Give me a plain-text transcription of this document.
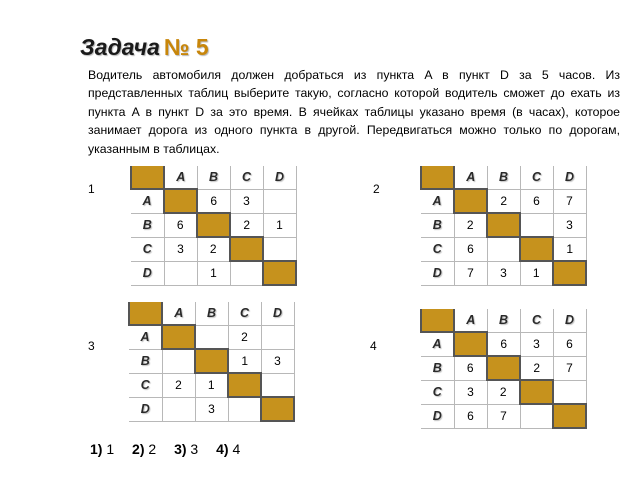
Задача № 5

Водитель автомобиля должен добраться из пункта A в пункт D за 5 часов. Из представленных таблиц выберите такую, согласно которой водитель сможет до ехать из пункта A в пункт D за это время. В ячейках таблицы указано время (в часах), которое занимает дорога из одного пункта в другой. Передвигаться можно только по дорогам, указанным в таблицах.

1	2
3	4
	A	B	C	D
A		6	3	
B	6		2	1
C	3	2		
D		1		
	A	B	C	D
A		2	6	7
B	2			3
C	6			1
D	7	3	1	
	A	B	C	D
A			2	
B			1	3
C	2	1		
D		3		
	A	B	C	D
A		6	3	6
B	6		2	7
C	3	2		
D	6	7		
1) 1 2) 2 3) 3 4) 4
